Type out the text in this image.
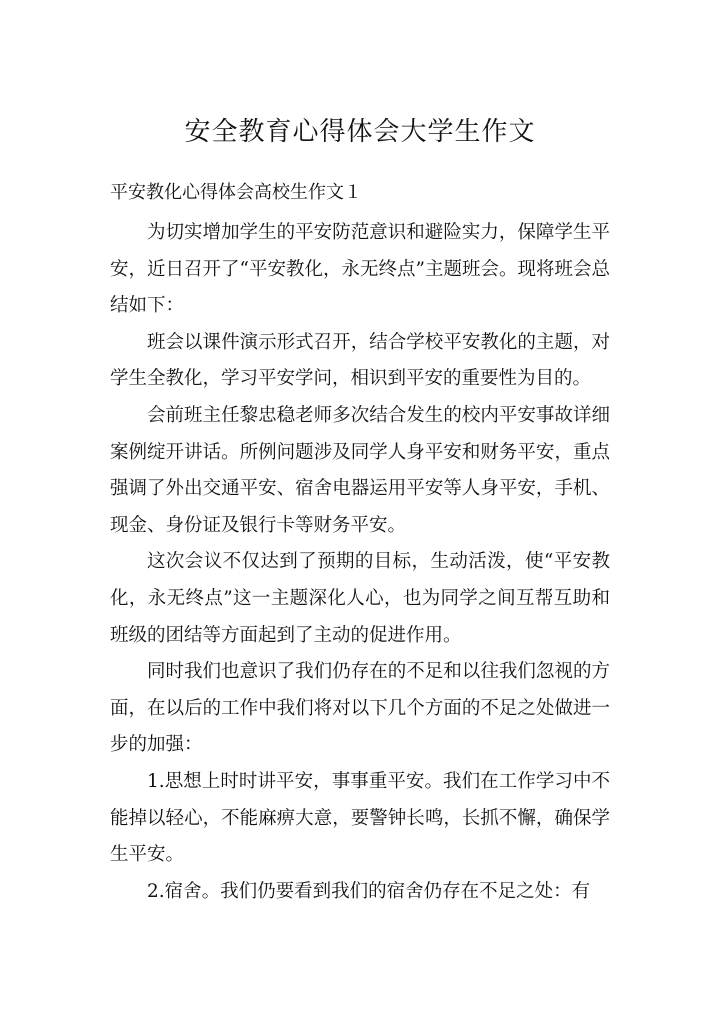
安全教育心得体会大学生作文

平安教化心得体会高校生作文１

为切实增加学生的平安防范意识和避险实力，保障学生平安，近日召开了“平安教化，永无终点”主题班会。现将班会总结如下：

班会以课件演示形式召开，结合学校平安教化的主题，对学生全教化，学习平安学问，相识到平安的重要性为目的。

会前班主任黎忠稳老师多次结合发生的校内平安事故详细案例绽开讲话。所例问题涉及同学人身平安和财务平安，重点强调了外出交通平安、宿舍电器运用平安等人身平安，手机、现金、身份证及银行卡等财务平安。

这次会议不仅达到了预期的目标，生动活泼，使“平安教化，永无终点”这一主题深化人心，也为同学之间互帮互助和班级的团结等方面起到了主动的促进作用。

同时我们也意识了我们仍存在的不足和以往我们忽视的方面，在以后的工作中我们将对以下几个方面的不足之处做进一步的加强：

1.思想上时时讲平安，事事重平安。我们在工作学习中不能掉以轻心，不能麻痹大意，要警钟长鸣，长抓不懈，确保学生平安。

2.宿舍。我们仍要看到我们的宿舍仍存在不足之处：有
